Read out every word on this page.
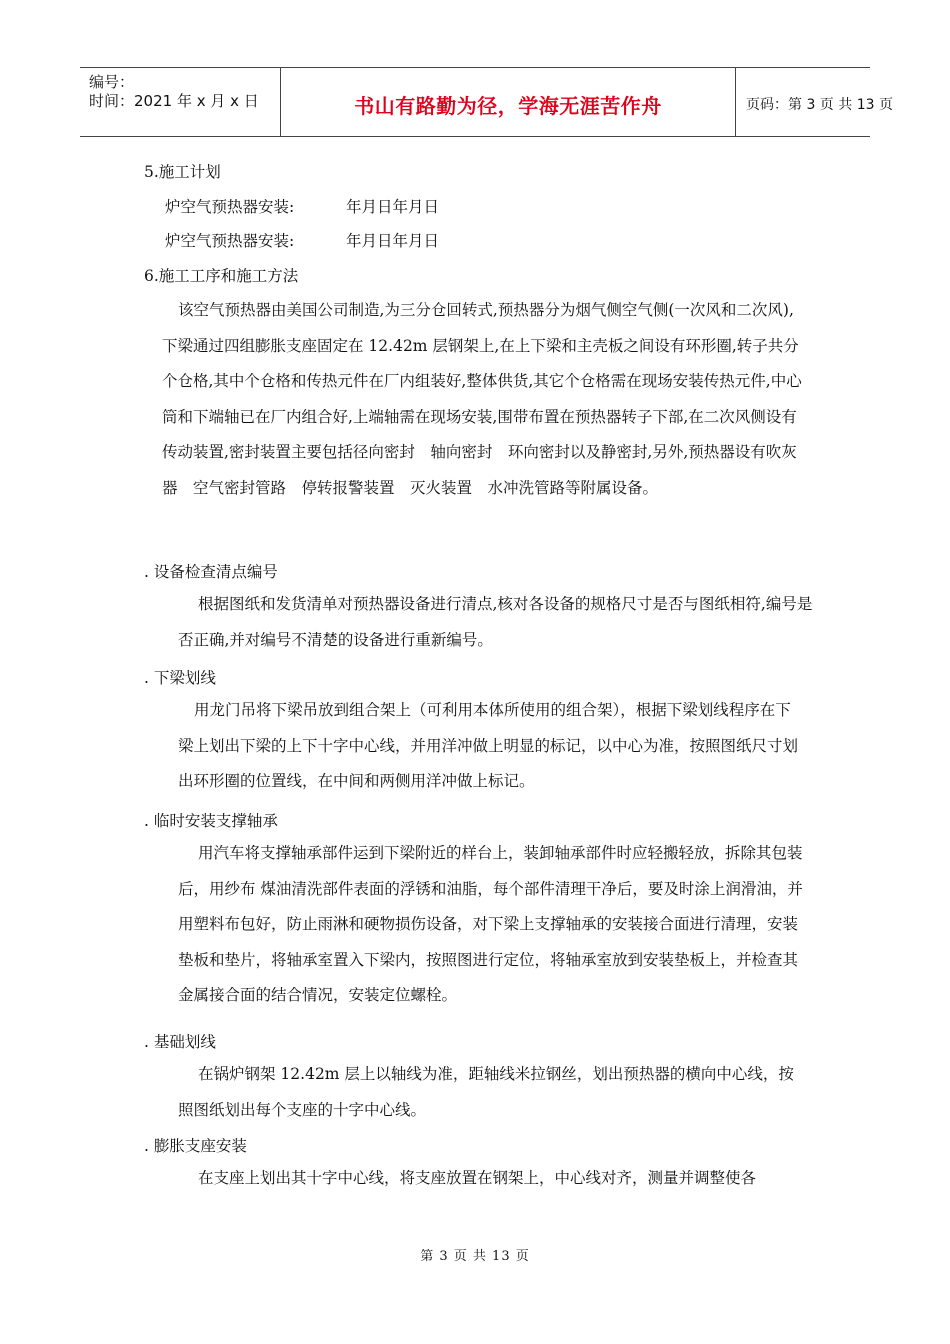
编号：
时间：2021 年 x 月 x 日	书山有路勤为径，学海无涯苦作舟	页码：第 3 页 共 13 页
5.施工计划
炉空气预热器安装:	年月日年月日
炉空气预热器安装:	年月日年月日
6.施工工序和施工方法
该空气预热器由美国公司制造,为三分仓回转式,预热器分为烟气侧空气侧(一次风和二次风),下梁通过四组膨胀支座固定在 12.42m 层钢架上,在上下梁和主壳板之间设有环形圈,转子共分个仓格,其中个仓格和传热元件在厂内组装好,整体供货,其它个仓格需在现场安装传热元件,中心筒和下端轴已在厂内组合好,上端轴需在现场安装,围带布置在预热器转子下部,在二次风侧设有传动装置,密封装置主要包括径向密封　轴向密封　环向密封以及静密封,另外,预热器设有吹灰器　空气密封管路　停转报警装置　灭火装置　水冲洗管路等附属设备。
. 设备检查清点编号
根据图纸和发货清单对预热器设备进行清点,核对各设备的规格尺寸是否与图纸相符,编号是否正确,并对编号不清楚的设备进行重新编号。
. 下梁划线
用龙门吊将下梁吊放到组合架上（可利用本体所使用的组合架），根据下梁划线程序在下梁上划出下梁的上下十字中心线，并用洋冲做上明显的标记，以中心为准，按照图纸尺寸划出环形圈的位置线，在中间和两侧用洋冲做上标记。
. 临时安装支撑轴承
用汽车将支撑轴承部件运到下梁附近的样台上，装卸轴承部件时应轻搬轻放，拆除其包装后，用纱布 煤油清洗部件表面的浮锈和油脂，每个部件清理干净后，要及时涂上润滑油，并用塑料布包好，防止雨淋和硬物损伤设备，对下梁上支撑轴承的安装接合面进行清理，安装垫板和垫片，将轴承室置入下梁内，按照图进行定位，将轴承室放到安装垫板上，并检查其金属接合面的结合情况，安装定位螺栓。
. 基础划线
在锅炉钢架 12.42m 层上以轴线为准，距轴线米拉钢丝，划出预热器的横向中心线，按照图纸划出每个支座的十字中心线。
. 膨胀支座安装
在支座上划出其十字中心线，将支座放置在钢架上，中心线对齐，测量并调整使各
第 3 页 共 13 页
